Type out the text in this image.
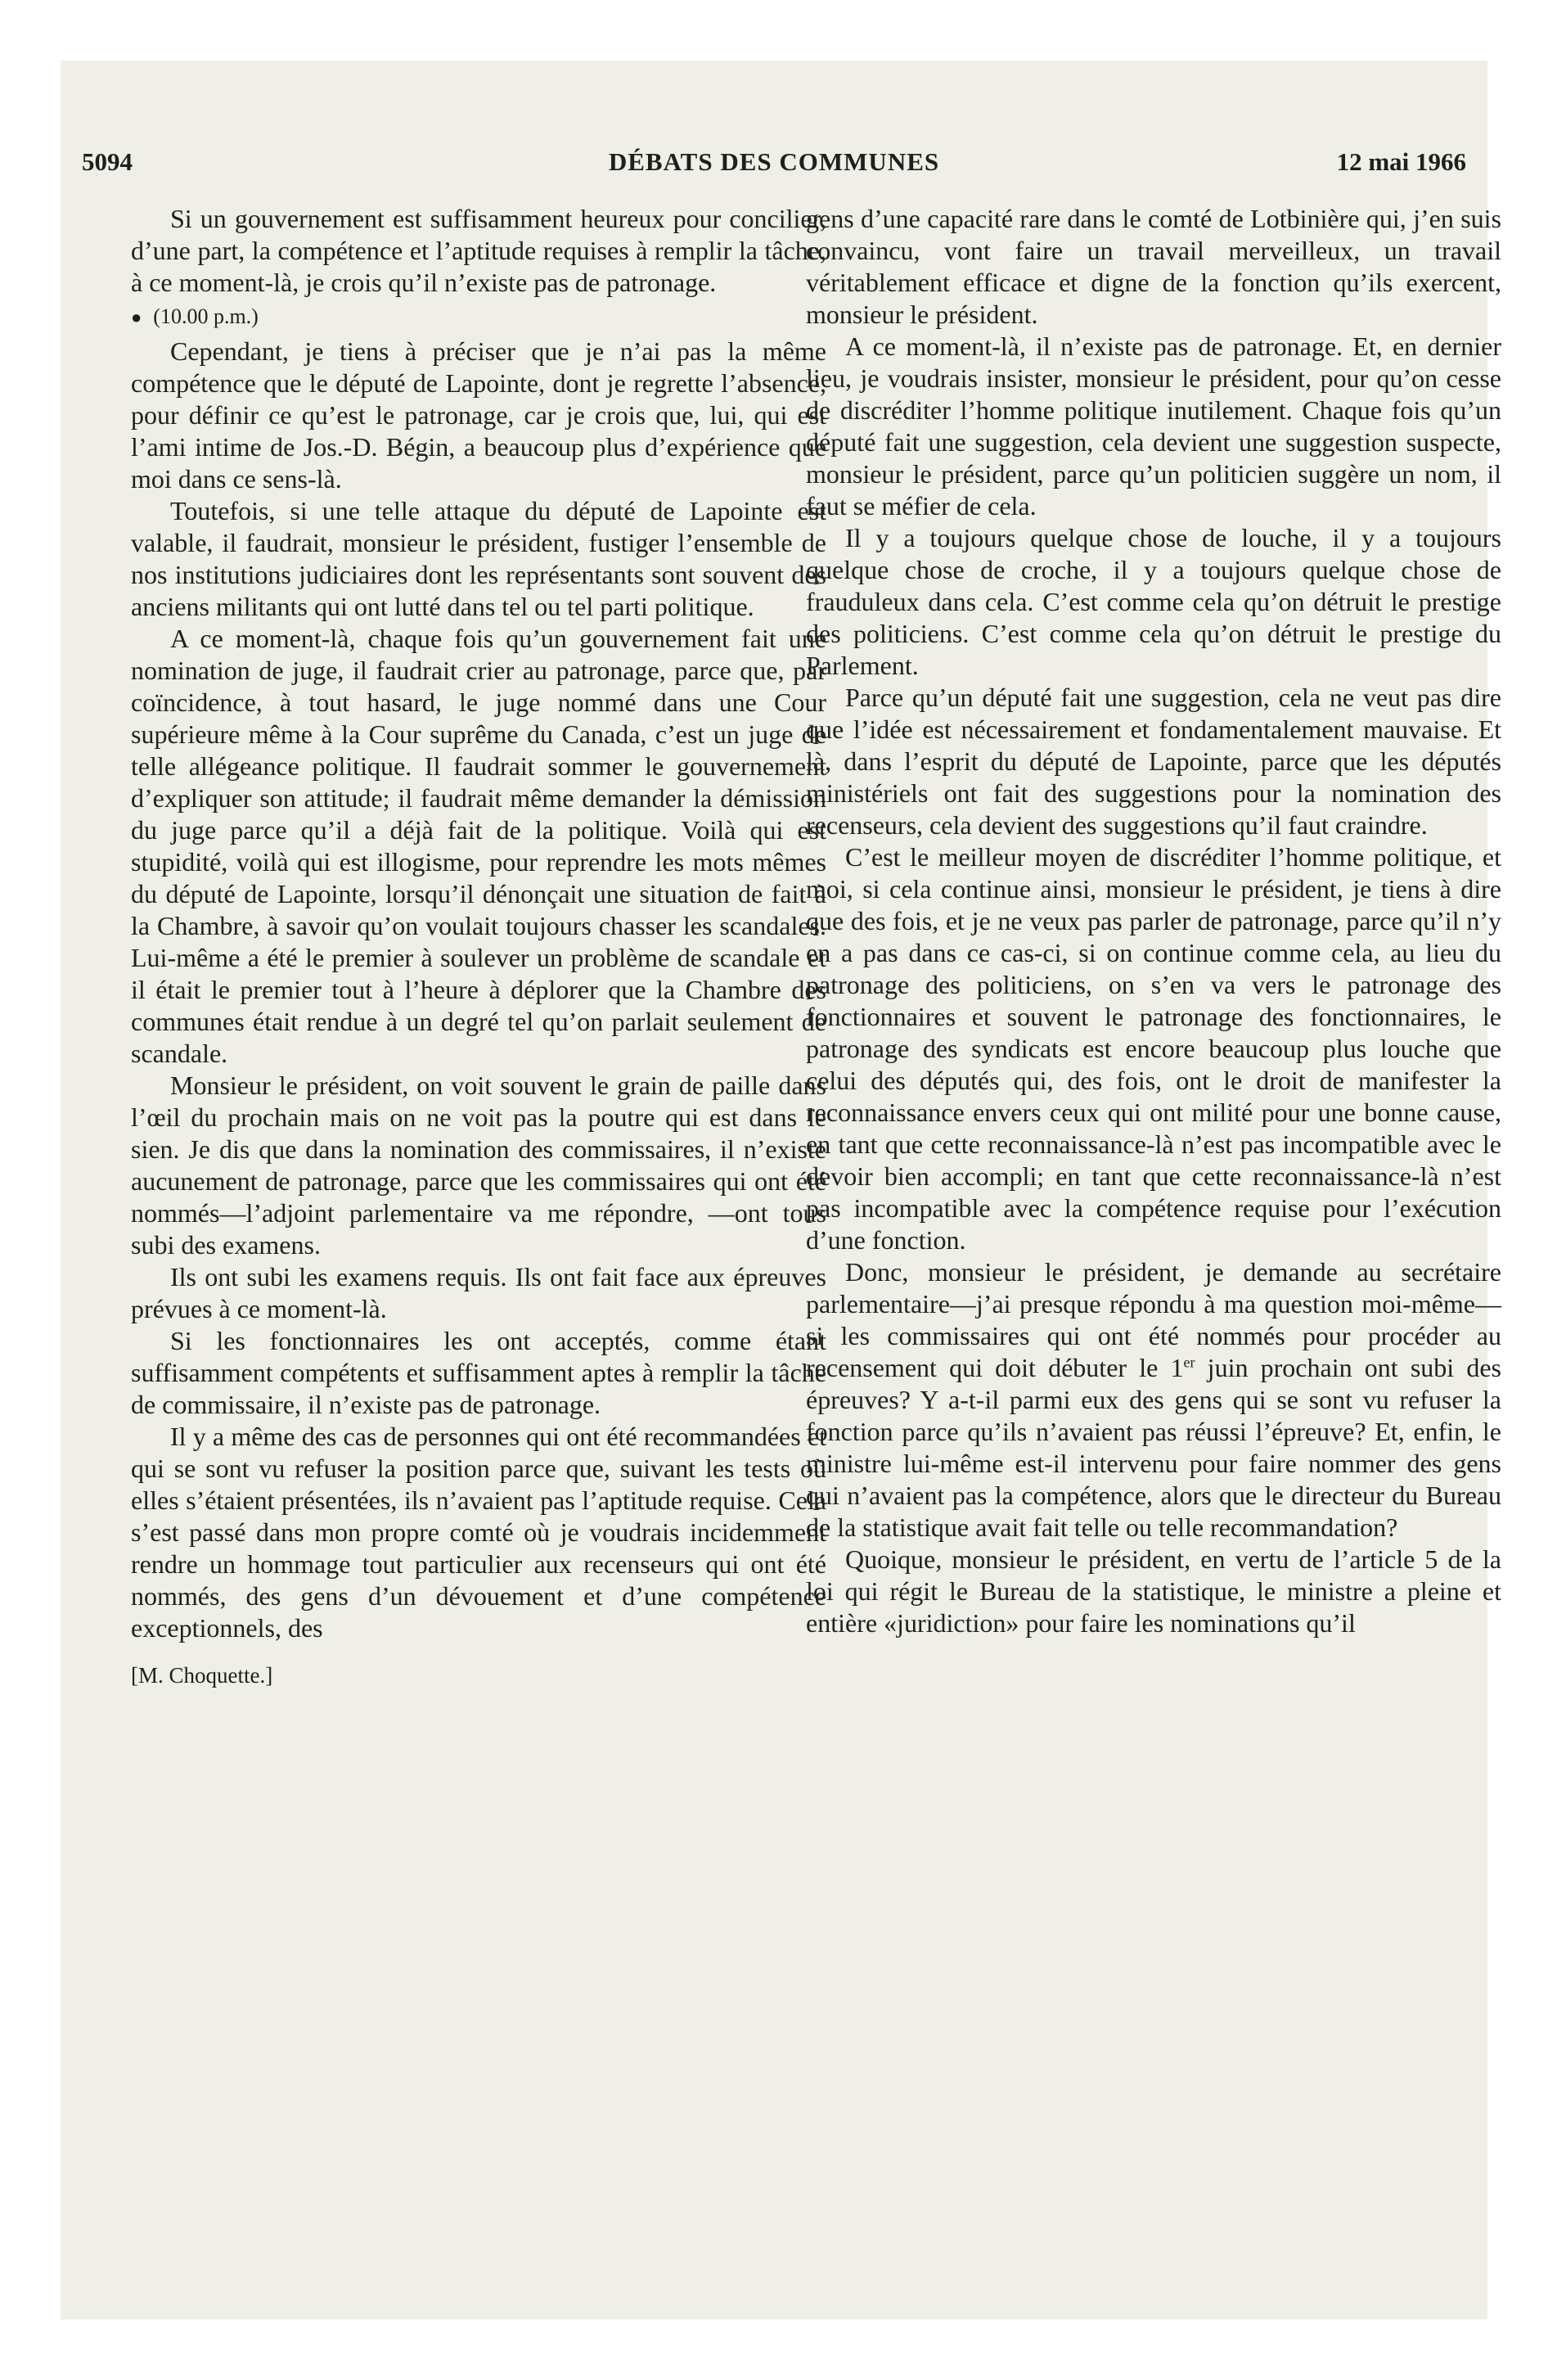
5094	DÉBATS DES COMMUNES	12 mai 1966

Si un gouvernement est suffisamment heureux pour concilier, d’une part, la compétence et l’aptitude requises à remplir la tâche, à ce moment-là, je crois qu’il n’existe pas de patronage.

● (10.00 p.m.)

Cependant, je tiens à préciser que je n’ai pas la même compétence que le député de Lapointe, dont je regrette l’absence, pour définir ce qu’est le patronage, car je crois que, lui, qui est l’ami intime de Jos.-D. Bégin, a beaucoup plus d’expérience que moi dans ce sens-là.

Toutefois, si une telle attaque du député de Lapointe est valable, il faudrait, monsieur le président, fustiger l’ensemble de nos institutions judiciaires dont les représentants sont souvent des anciens militants qui ont lutté dans tel ou tel parti politique.

A ce moment-là, chaque fois qu’un gouvernement fait une nomination de juge, il faudrait crier au patronage, parce que, par coïncidence, à tout hasard, le juge nommé dans une Cour supérieure même à la Cour suprême du Canada, c’est un juge de telle allégeance politique. Il faudrait sommer le gouvernement d’expliquer son attitude; il faudrait même demander la démission du juge parce qu’il a déjà fait de la politique. Voilà qui est stupidité, voilà qui est illogisme, pour reprendre les mots mêmes du député de Lapointe, lorsqu’il dénonçait une situation de fait à la Chambre, à savoir qu’on voulait toujours chasser les scandales. Lui-même a été le premier à soulever un problème de scandale et il était le premier tout à l’heure à déplorer que la Chambre des communes était rendue à un degré tel qu’on parlait seulement de scandale.

Monsieur le président, on voit souvent le grain de paille dans l’œil du prochain mais on ne voit pas la poutre qui est dans le sien. Je dis que dans la nomination des commissaires, il n’existe aucunement de patronage, parce que les commissaires qui ont été nommés—l’adjoint parlementaire va me répondre, —ont tous subi des examens.

Ils ont subi les examens requis. Ils ont fait face aux épreuves prévues à ce moment-là.

Si les fonctionnaires les ont acceptés, comme étant suffisamment compétents et suffisamment aptes à remplir la tâche de commissaire, il n’existe pas de patronage.

Il y a même des cas de personnes qui ont été recommandées et qui se sont vu refuser la position parce que, suivant les tests où elles s’étaient présentées, ils n’avaient pas l’aptitude requise. Cela s’est passé dans mon propre comté où je voudrais incidemment rendre un hommage tout particulier aux recenseurs qui ont été nommés, des gens d’un dévouement et d’une compétence exceptionnels, des

[M. Choquette.]

gens d’une capacité rare dans le comté de Lotbinière qui, j’en suis convaincu, vont faire un travail merveilleux, un travail véritablement efficace et digne de la fonction qu’ils exercent, monsieur le président.

A ce moment-là, il n’existe pas de patronage. Et, en dernier lieu, je voudrais insister, monsieur le président, pour qu’on cesse de discréditer l’homme politique inutilement. Chaque fois qu’un député fait une suggestion, cela devient une suggestion suspecte, monsieur le président, parce qu’un politicien suggère un nom, il faut se méfier de cela.

Il y a toujours quelque chose de louche, il y a toujours quelque chose de croche, il y a toujours quelque chose de frauduleux dans cela. C’est comme cela qu’on détruit le prestige des politiciens. C’est comme cela qu’on détruit le prestige du Parlement.

Parce qu’un député fait une suggestion, cela ne veut pas dire que l’idée est nécessairement et fondamentalement mauvaise. Et là, dans l’esprit du député de Lapointe, parce que les députés ministériels ont fait des suggestions pour la nomination des recenseurs, cela devient des suggestions qu’il faut craindre.

C’est le meilleur moyen de discréditer l’homme politique, et moi, si cela continue ainsi, monsieur le président, je tiens à dire que des fois, et je ne veux pas parler de patronage, parce qu’il n’y en a pas dans ce cas-ci, si on continue comme cela, au lieu du patronage des politiciens, on s’en va vers le patronage des fonctionnaires et souvent le patronage des fonctionnaires, le patronage des syndicats est encore beaucoup plus louche que celui des députés qui, des fois, ont le droit de manifester la reconnaissance envers ceux qui ont milité pour une bonne cause, en tant que cette reconnaissance-là n’est pas incompatible avec le devoir bien accompli; en tant que cette reconnaissance-là n’est pas incompatible avec la compétence requise pour l’exécution d’une fonction.

Donc, monsieur le président, je demande au secrétaire parlementaire—j’ai presque répondu à ma question moi-même—si les commissaires qui ont été nommés pour procéder au recensement qui doit débuter le 1er juin prochain ont subi des épreuves? Y a-t-il parmi eux des gens qui se sont vu refuser la fonction parce qu’ils n’avaient pas réussi l’épreuve? Et, enfin, le ministre lui-même est-il intervenu pour faire nommer des gens qui n’avaient pas la compétence, alors que le directeur du Bureau de la statistique avait fait telle ou telle recommandation?

Quoique, monsieur le président, en vertu de l’article 5 de la loi qui régit le Bureau de la statistique, le ministre a pleine et entière «juridiction» pour faire les nominations qu’il
